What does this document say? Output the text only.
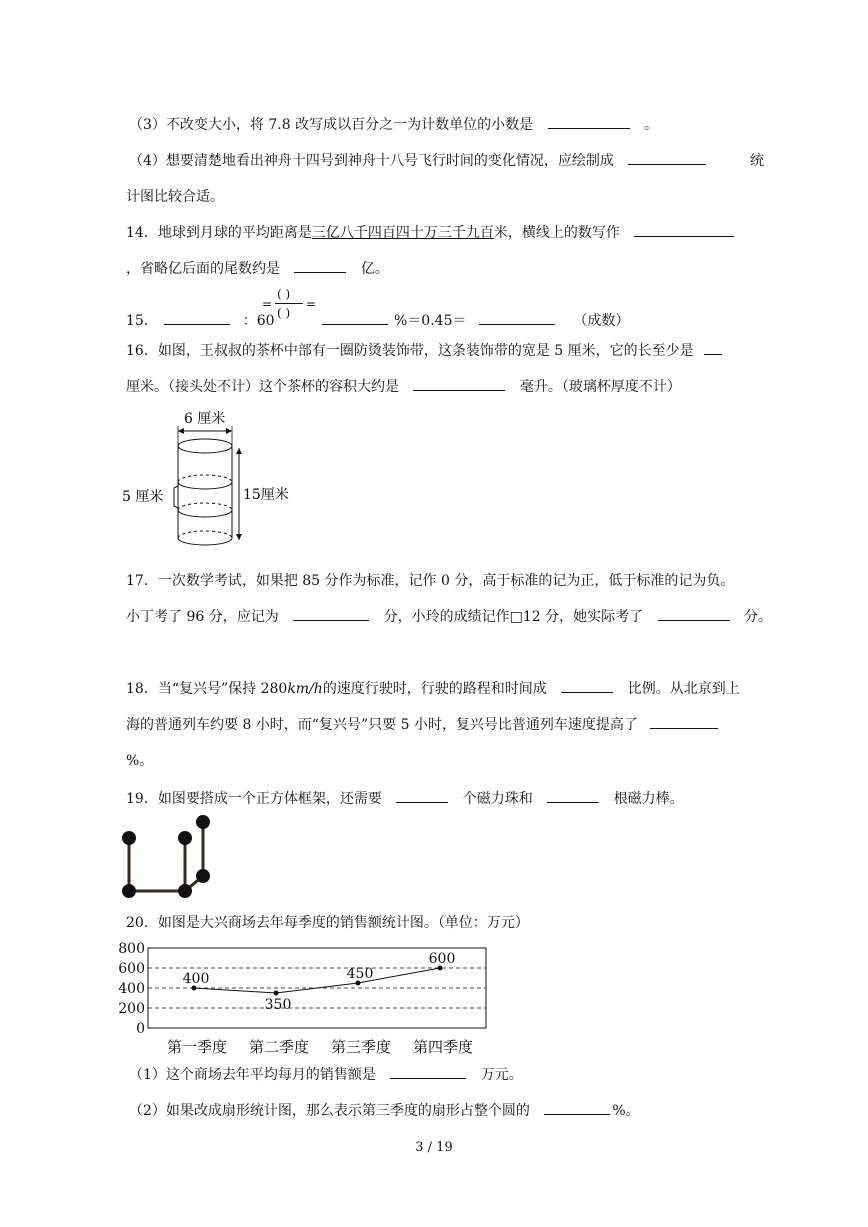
（3）不改变大小，将 7.8 改写成以百分之一为计数单位的小数是	。
（4）想要清楚地看出神舟十四号到神舟十八号飞行时间的变化情况，应绘制成	统
计图比较合适。
14．地球到月球的平均距离是三亿八千四百四十万三千九百米，横线上的数写作
，省略亿后面的尾数约是	亿。
15．	：60
=
( )
( )
=
%＝0.45＝	（成数）
16．如图，王叔叔的茶杯中部有一圈防烫装饰带，这条装饰带的宽是 5 厘米，它的长至少是
厘米。（接头处不计）这个茶杯的容积大约是	毫升。（玻璃杯厚度不计）
6 厘米
5 厘米	15厘米
17．一次数学考试，如果把 85 分作为标准，记作 0 分，高于标准的记为正，低于标准的记为负。
小丁考了 96 分，应记为	分，小玲的成绩记作□12 分，她实际考了	分。
18．当“复兴号”保持 280km/h的速度行驶时，行驶的路程和时间成	比例。从北京到上
海的普通列车约要 8 小时，而“复兴号”只要 5 小时，复兴号比普通列车速度提高了
%。
19．如图要搭成一个正方体框架，还需要	个磁力珠和	根磁力棒。
20．如图是大兴商场去年每季度的销售额统计图。（单位：万元）
0
200
400
600
800
第一季度 第二季度 第三季度 第四季度
400
350
450
600
（1）这个商场去年平均每月的销售额是	万元。
（2）如果改成扇形统计图，那么表示第三季度的扇形占整个圆的	%。
3 / 19
